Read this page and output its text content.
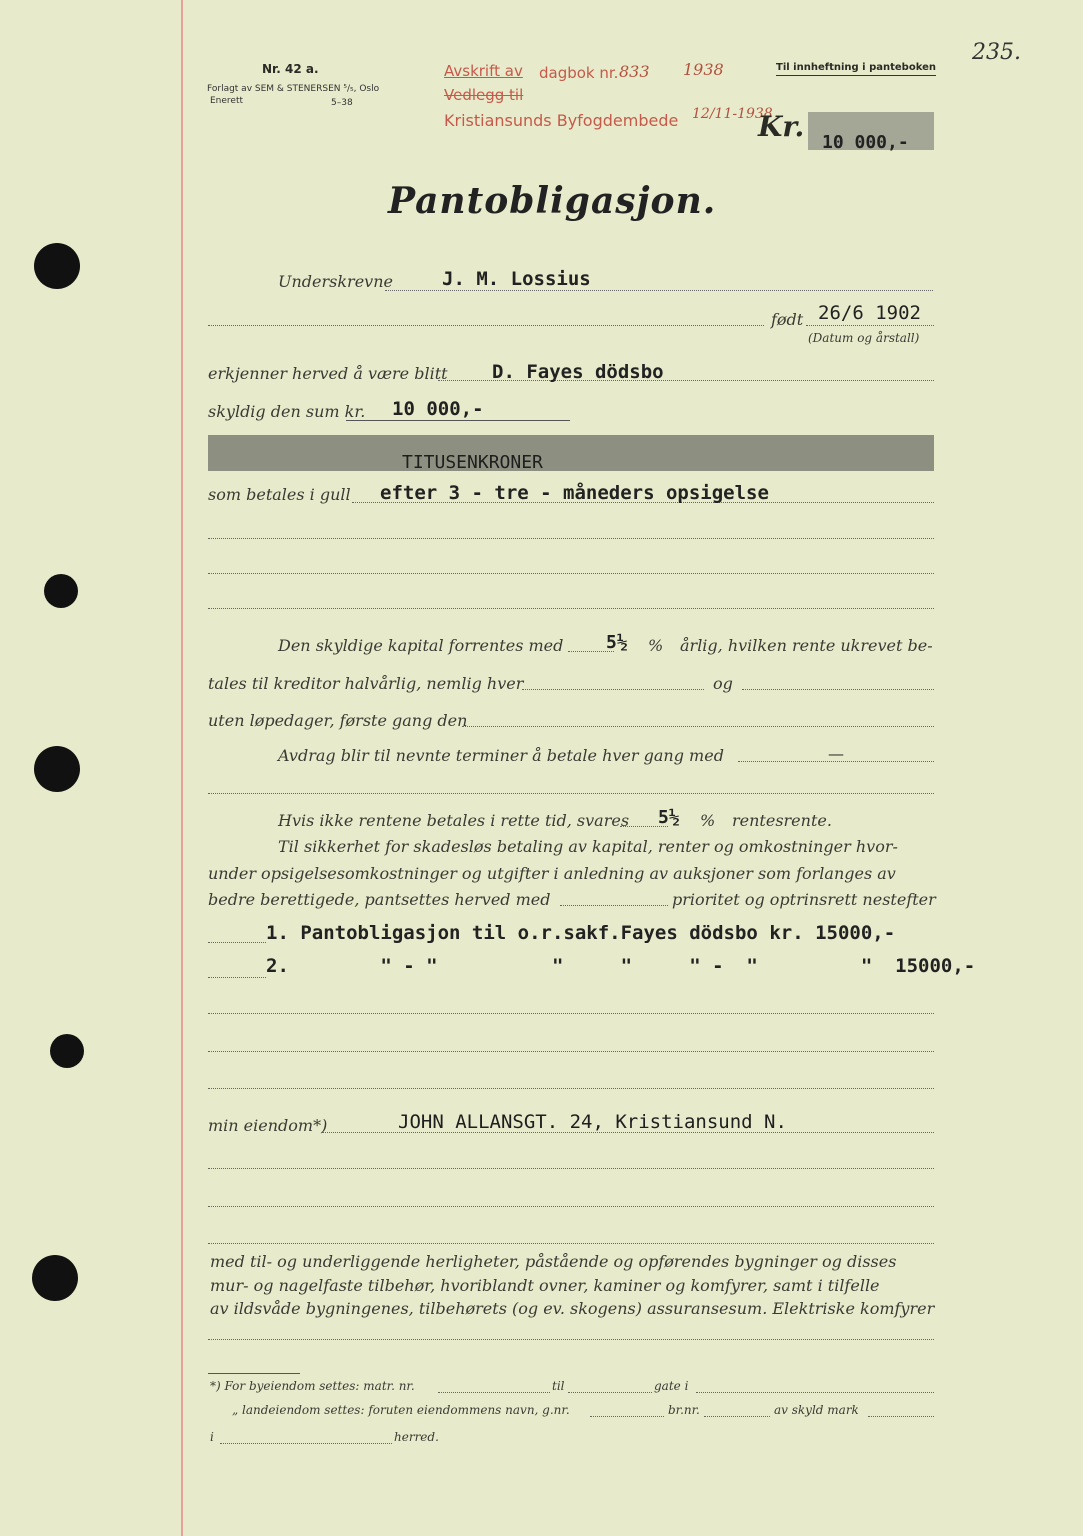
Nr. 42 a.
Forlagt av SEM & STENERSEN ⁵/₅, Oslo
Enerett	5–38
Avskrift av dagbok nr. 833 1938
Vedlegg til
Kristiansunds Byfogdembede 12/11-1938
Til innheftning i panteboken
235.
Kr. 10 000,-
Pantobligasjon.
Underskrevne	J. M. Lossius
født 26/6 1902
(Datum og årstall)
erkjenner herved å være blitt D. Fayes dödsbo
skyldig den sum kr. 10 000,-
TITUSENKRONER
som betales i gull efter 3 - tre - måneders opsigelse
Den skyldige kapital forrentes med 5½ % årlig, hvilken rente ukrevet be-
tales til kreditor halvårlig, nemlig hver	og
uten løpedager, første gang den
Avdrag blir til nevnte terminer å betale hver gang med	—
Hvis ikke rentene betales i rette tid, svares 5½ % rentesrente.
Til sikkerhet for skadesløs betaling av kapital, renter og omkostninger hvor-
under opsigelsesomkostninger og utgifter i anledning av auksjoner som forlanges av
bedre berettigede, pantsettes herved med	prioritet og optrinsrett nestefter
1. Pantobligasjon til o.r.sakf.Fayes dödsbo kr. 15000,-
2.        " - "          "     "     " -  "         "  15000,-
min eiendom*)	JOHN ALLANSGT. 24, Kristiansund N.
med til- og underliggende herligheter, påstående og opførendes bygninger og disses
mur- og nagelfaste tilbehør, hvoriblandt ovner, kaminer og komfyrer, samt i tilfelle
av ildsvåde bygningenes, tilbehørets (og ev. skogens) assuransesum. Elektriske komfyrer
*) For byeiendom settes: matr. nr.	til	gate i
„ landeiendom settes: foruten eiendommens navn, g.nr.	br.nr.	av skyld mark
i	herred.
